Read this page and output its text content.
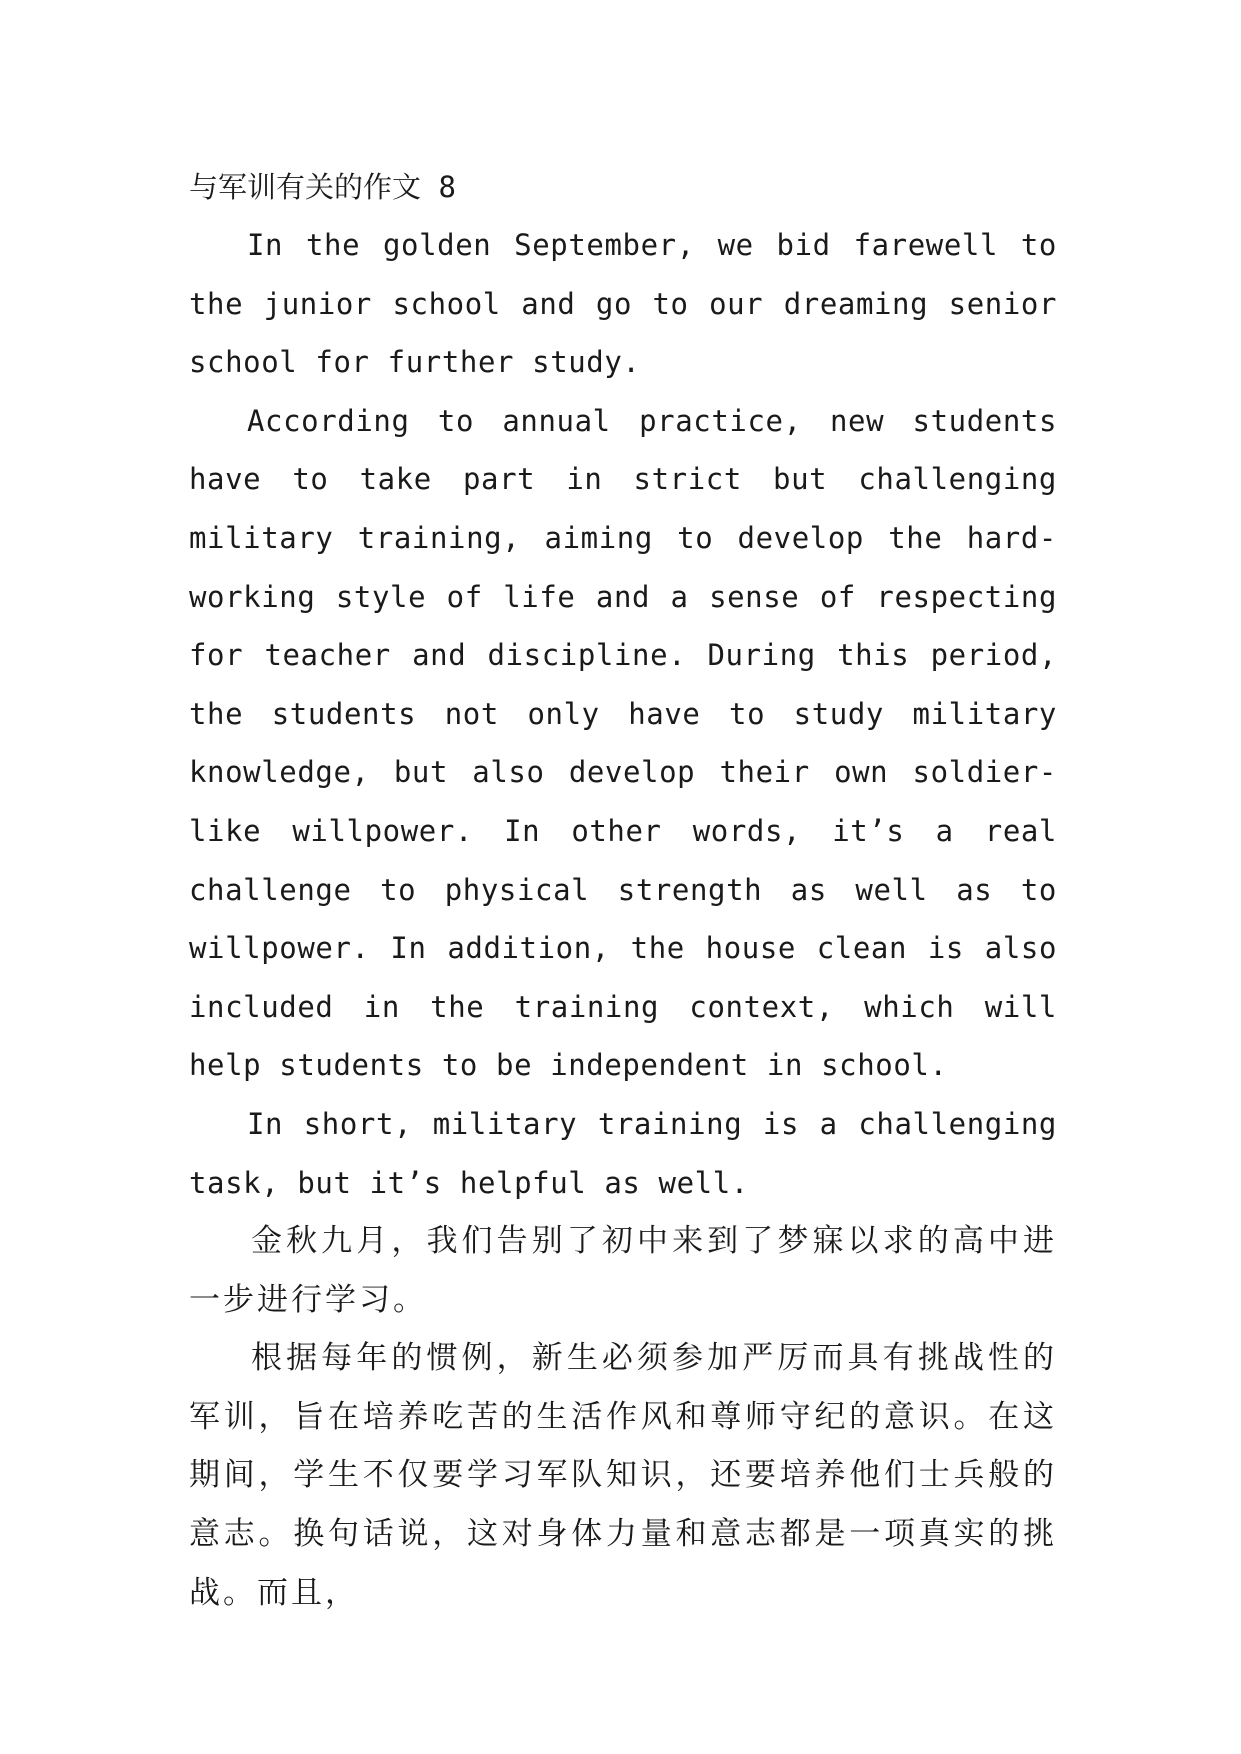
与军训有关的作文 8

In the golden September, we bid farewell to the junior school and go to our dreaming senior school for further study.

According to annual practice, new students have to take part in strict but challenging military training, aiming to develop the hard-working style of life and a sense of respecting for teacher and discipline. During this period, the students not only have to study military knowledge, but also develop their own soldier-like willpower. In other words, it’s a real challenge to physical strength as well as to willpower. In addition, the house clean is also included in the training context, which will help students to be independent in school.

In short, military training is a challenging task, but it’s helpful as well.

金秋九月，我们告别了初中来到了梦寐以求的高中进一步进行学习。

根据每年的惯例，新生必须参加严厉而具有挑战性的军训，旨在培养吃苦的生活作风和尊师守纪的意识。在这期间，学生不仅要学习军队知识，还要培养他们士兵般的意志。换句话说，这对身体力量和意志都是一项真实的挑战。而且，
